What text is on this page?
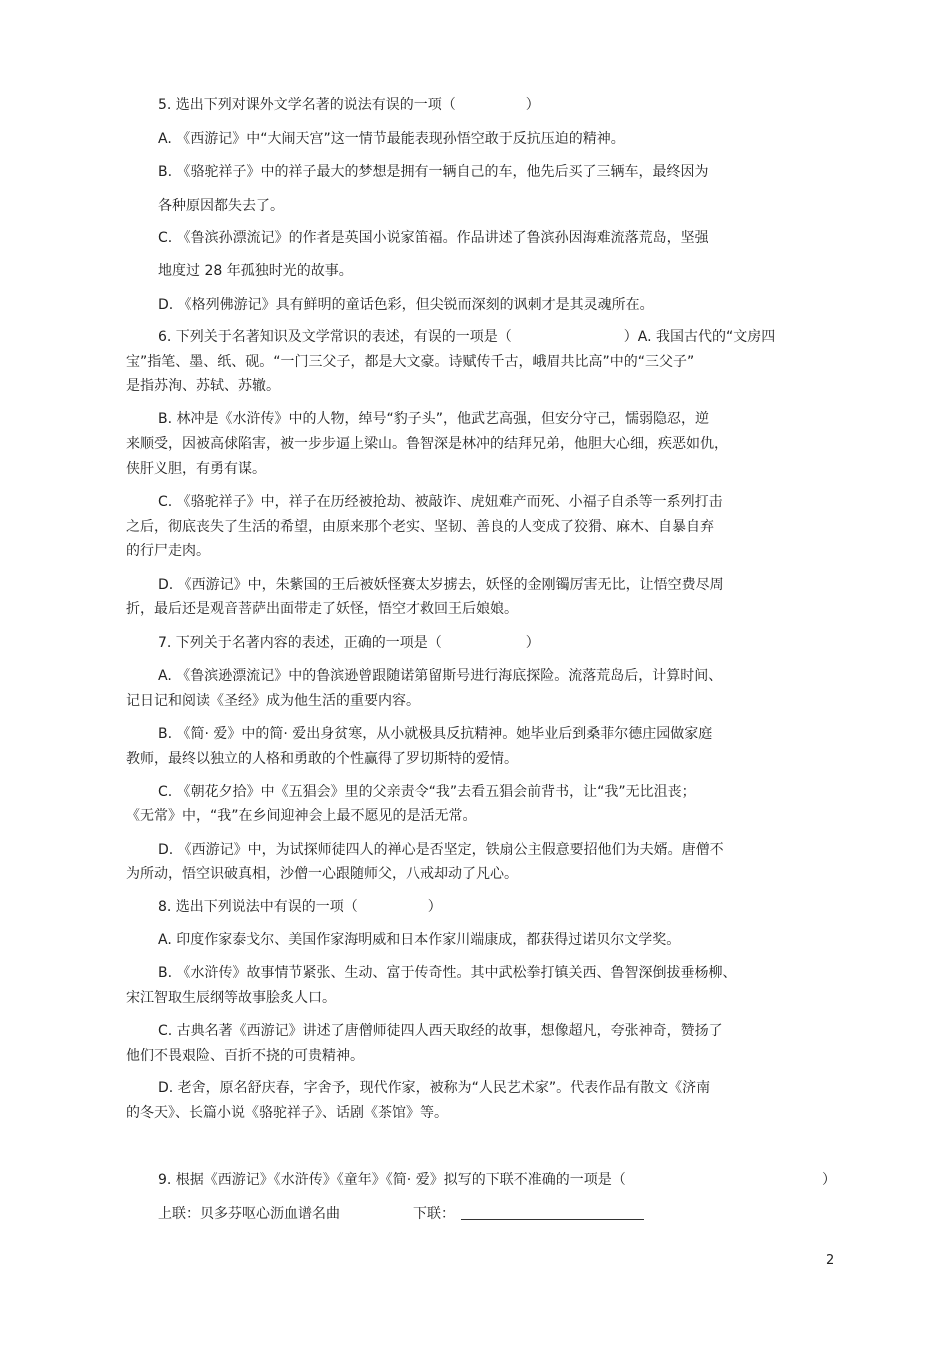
5. 选出下列对课外文学名著的说法有误的一项（　　　　　）
A. 《西游记》中“大闹天宫”这一情节最能表现孙悟空敢于反抗压迫的精神。
B. 《骆驼祥子》中的祥子最大的梦想是拥有一辆自己的车，他先后买了三辆车，最终因为
各种原因都失去了。
C. 《鲁滨孙漂流记》的作者是英国小说家笛福。作品讲述了鲁滨孙因海难流落荒岛，坚强
地度过 28 年孤独时光的故事。
D. 《格列佛游记》具有鲜明的童话色彩，但尖锐而深刻的讽刺才是其灵魂所在。
6. 下列关于名著知识及文学常识的表述，有误的一项是（　　　　　　　　）A. 我国古代的“文房四
宝”指笔、墨、纸、砚。“一门三父子，都是大文豪。诗赋传千古，峨眉共比高”中的“三父子”
是指苏洵、苏轼、苏辙。
B. 林冲是《水浒传》中的人物，绰号“豹子头”，他武艺高强，但安分守己，懦弱隐忍，逆
来顺受，因被高俅陷害，被一步步逼上梁山。鲁智深是林冲的结拜兄弟，他胆大心细，疾恶如仇，
侠肝义胆，有勇有谋。
C. 《骆驼祥子》中，祥子在历经被抢劫、被敲诈、虎妞难产而死、小福子自杀等一系列打击
之后，彻底丧失了生活的希望，由原来那个老实、坚韧、善良的人变成了狡猾、麻木、自暴自弃
的行尸走肉。
D. 《西游记》中，朱紫国的王后被妖怪赛太岁掳去，妖怪的金刚镯厉害无比，让悟空费尽周
折，最后还是观音菩萨出面带走了妖怪，悟空才救回王后娘娘。
7. 下列关于名著内容的表述，正确的一项是（　　　　　　）
A. 《鲁滨逊漂流记》中的鲁滨逊曾跟随诺第留斯号进行海底探险。流落荒岛后，计算时间、
记日记和阅读《圣经》成为他生活的重要内容。
B. 《简· 爱》中的简· 爱出身贫寒，从小就极具反抗精神。她毕业后到桑菲尔德庄园做家庭
教师，最终以独立的人格和勇敢的个性赢得了罗切斯特的爱情。
C. 《朝花夕拾》中《五猖会》里的父亲责令“我”去看五猖会前背书，让“我”无比沮丧；
《无常》中，“我”在乡间迎神会上最不愿见的是活无常。
D. 《西游记》中，为试探师徒四人的禅心是否坚定，铁扇公主假意要招他们为夫婿。唐僧不
为所动，悟空识破真相，沙僧一心跟随师父，八戒却动了凡心。
8. 选出下列说法中有误的一项（　　　　　）
A. 印度作家泰戈尔、美国作家海明威和日本作家川端康成，都获得过诺贝尔文学奖。
B. 《水浒传》故事情节紧张、生动、富于传奇性。其中武松拳打镇关西、鲁智深倒拔垂杨柳、
宋江智取生辰纲等故事脍炙人口。
C. 古典名著《西游记》讲述了唐僧师徒四人西天取经的故事，想像超凡，夸张神奇，赞扬了
他们不畏艰险、百折不挠的可贵精神。
D. 老舍，原名舒庆春，字舍予，现代作家，被称为“人民艺术家”。代表作品有散文《济南
的冬天》、长篇小说《骆驼祥子》、话剧《茶馆》等。
9. 根据《西游记》《水浒传》《童年》《简· 爱》拟写的下联不准确的一项是（	）
上联：贝多芬呕心沥血谱名曲	下联：
2
